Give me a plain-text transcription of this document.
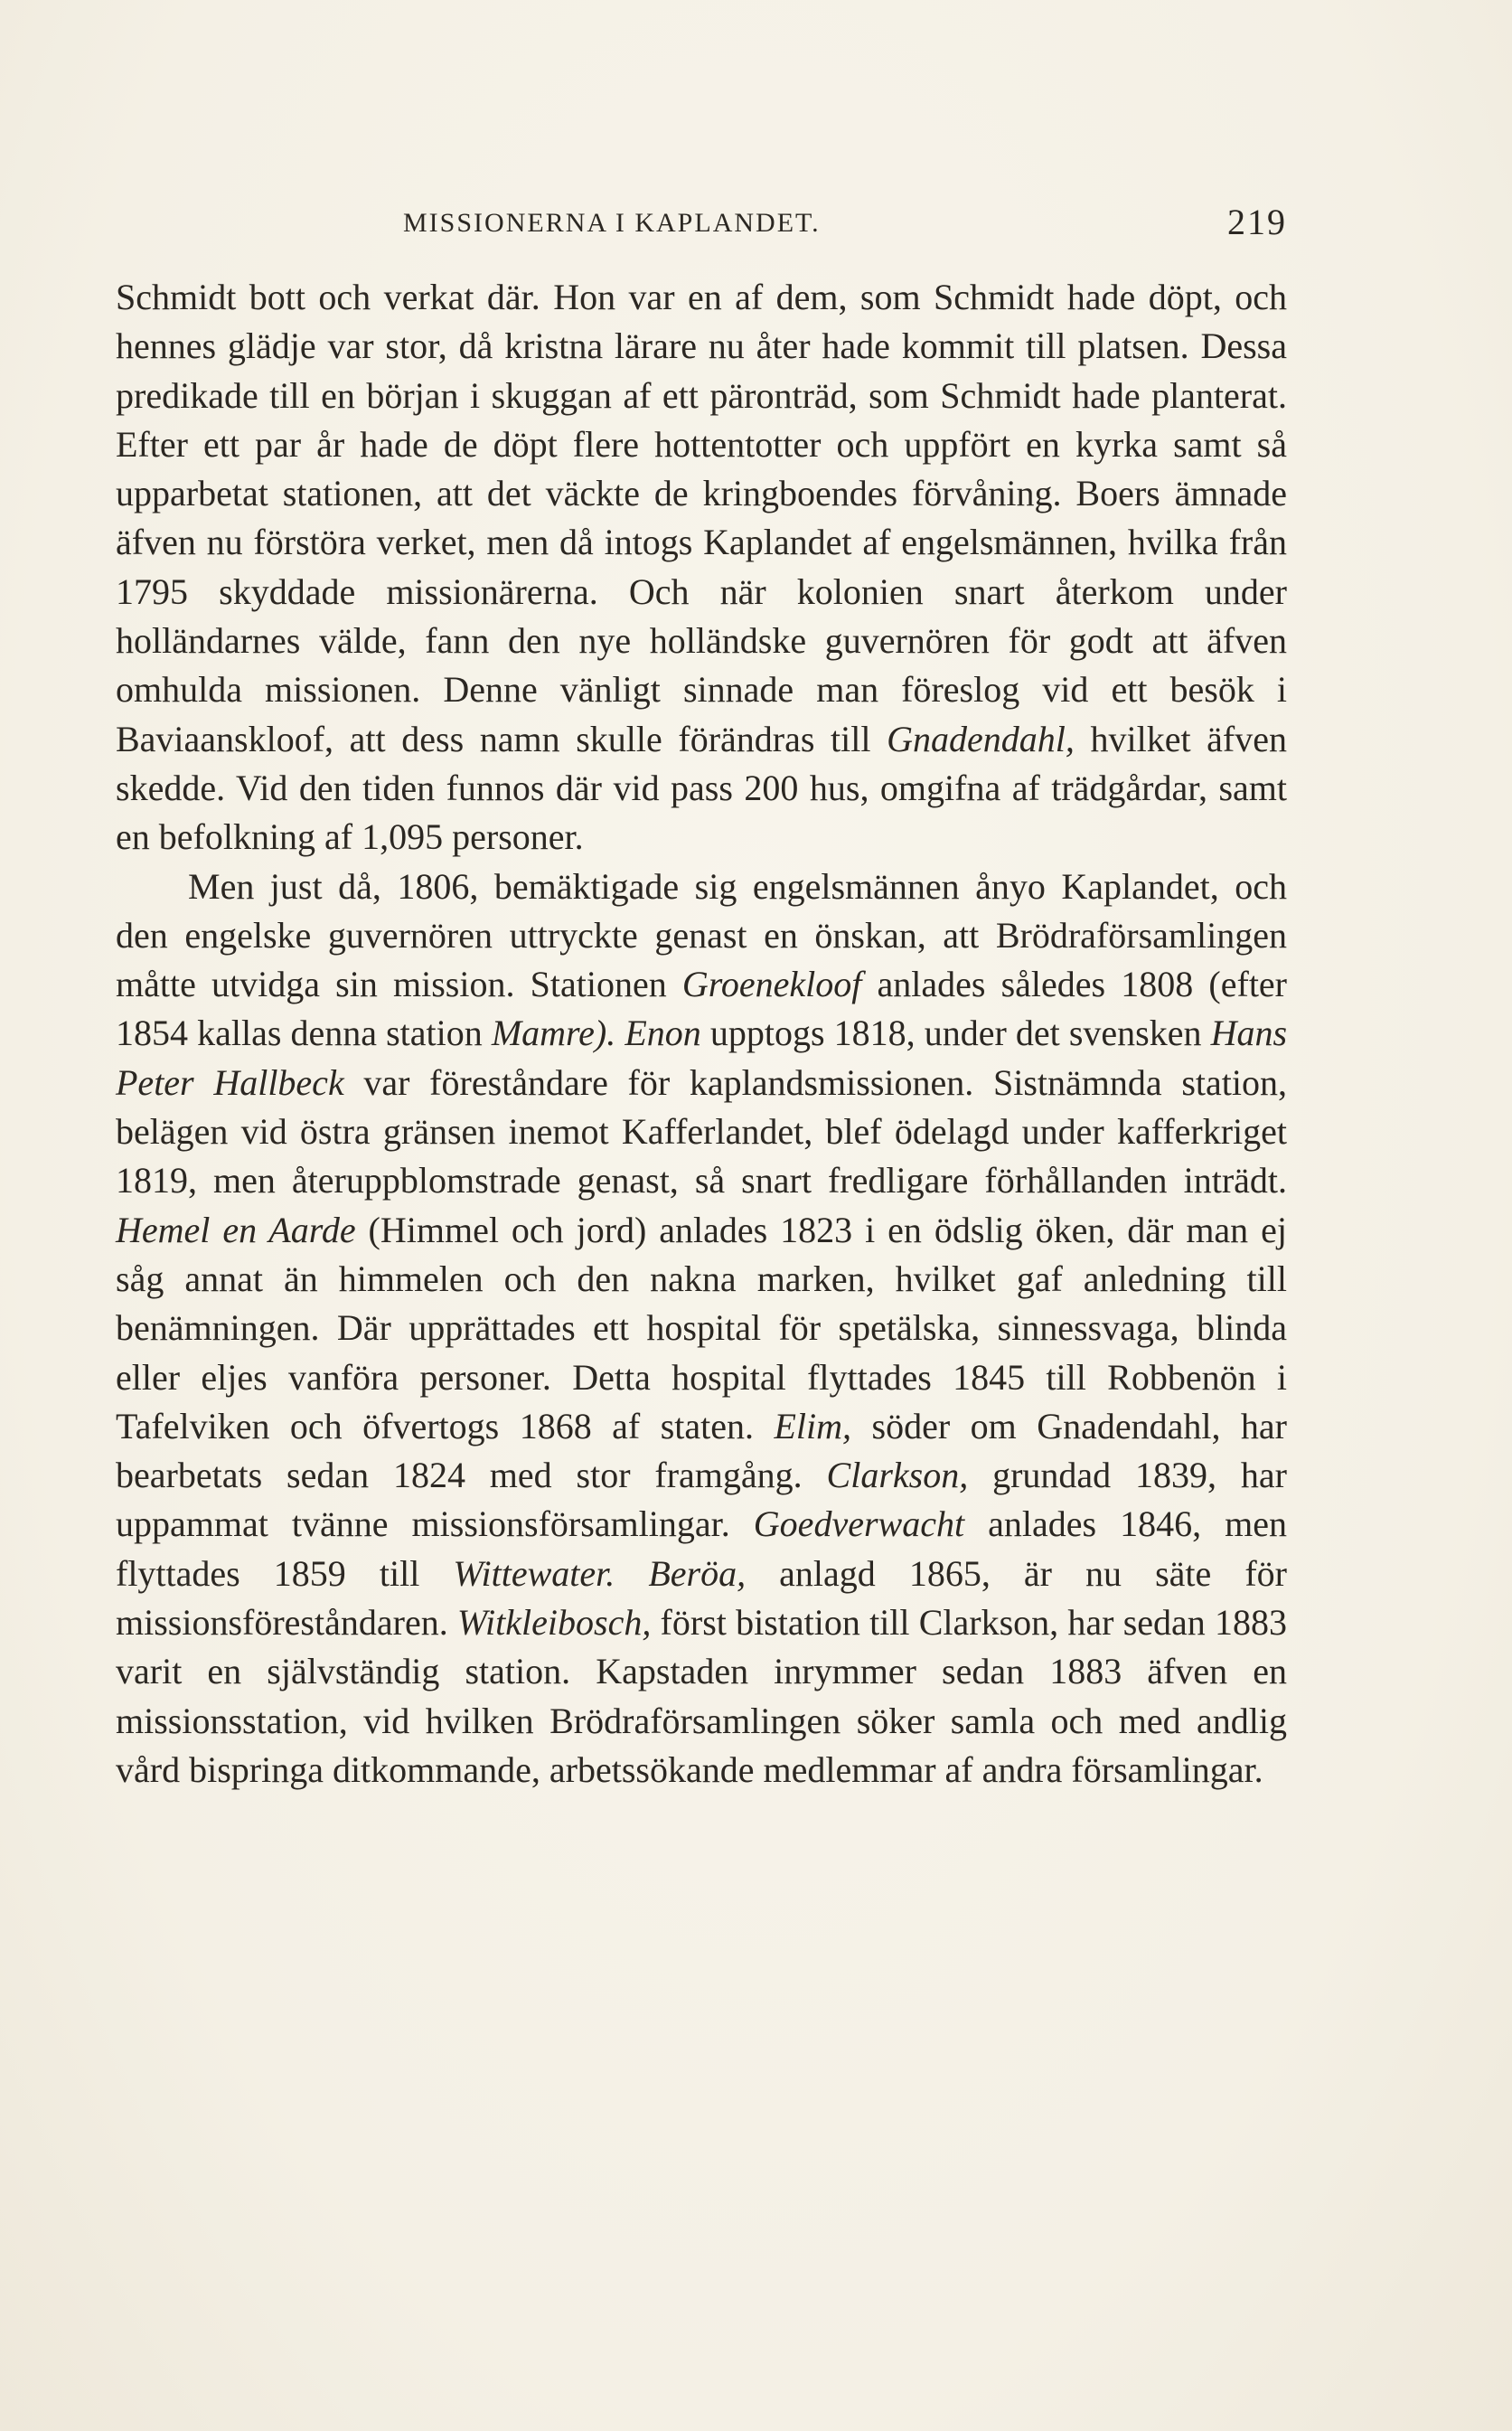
MISSIONERNA I KAPLANDET.	219

Schmidt bott och verkat där. Hon var en af dem, som Schmidt hade döpt, och hennes glädje var stor, då kristna lärare nu åter hade kommit till platsen. Dessa predikade till en början i skuggan af ett päronträd, som Schmidt hade planterat. Efter ett par år hade de döpt flere hottentotter och uppfört en kyrka samt så upparbetat stationen, att det väckte de kringboendes förvåning. Boers ämnade äfven nu förstöra verket, men då intogs Kaplandet af engelsmännen, hvilka från 1795 skyddade missionärerna. Och när kolonien snart återkom under holländarnes välde, fann den nye holländske guvernören för godt att äfven omhulda missionen. Denne vänligt sinnade man föreslog vid ett besök i Baviaanskloof, att dess namn skulle förändras till Gnadendahl, hvilket äfven skedde. Vid den tiden funnos där vid pass 200 hus, omgifna af trädgårdar, samt en befolkning af 1,095 personer.

Men just då, 1806, bemäktigade sig engelsmännen ånyo Kaplandet, och den engelske guvernören uttryckte genast en önskan, att Brödraförsamlingen måtte utvidga sin mission. Stationen Groenekloof anlades således 1808 (efter 1854 kallas denna station Mamre). Enon upptogs 1818, under det svensken Hans Peter Hallbeck var föreståndare för kaplandsmissionen. Sistnämnda station, belägen vid östra gränsen inemot Kafferlandet, blef ödelagd under kafferkriget 1819, men återuppblomstrade genast, så snart fredligare förhållanden inträdt. Hemel en Aarde (Himmel och jord) anlades 1823 i en ödslig öken, där man ej såg annat än himmelen och den nakna marken, hvilket gaf anledning till benämningen. Där upprättades ett hospital för spetälska, sinnessvaga, blinda eller eljes vanföra personer. Detta hospital flyttades 1845 till Robbenön i Tafelviken och öfvertogs 1868 af staten. Elim, söder om Gnadendahl, har bearbetats sedan 1824 med stor framgång. Clarkson, grundad 1839, har uppammat tvänne missionsförsamlingar. Goedverwacht anlades 1846, men flyttades 1859 till Wittewater. Beröa, anlagd 1865, är nu säte för missionsföreståndaren. Witkleibosch, först bistation till Clarkson, har sedan 1883 varit en självständig station. Kapstaden inrymmer sedan 1883 äfven en missionsstation, vid hvilken Brödraförsamlingen söker samla och med andlig vård bispringa ditkommande, arbetssökande medlemmar af andra församlingar.
